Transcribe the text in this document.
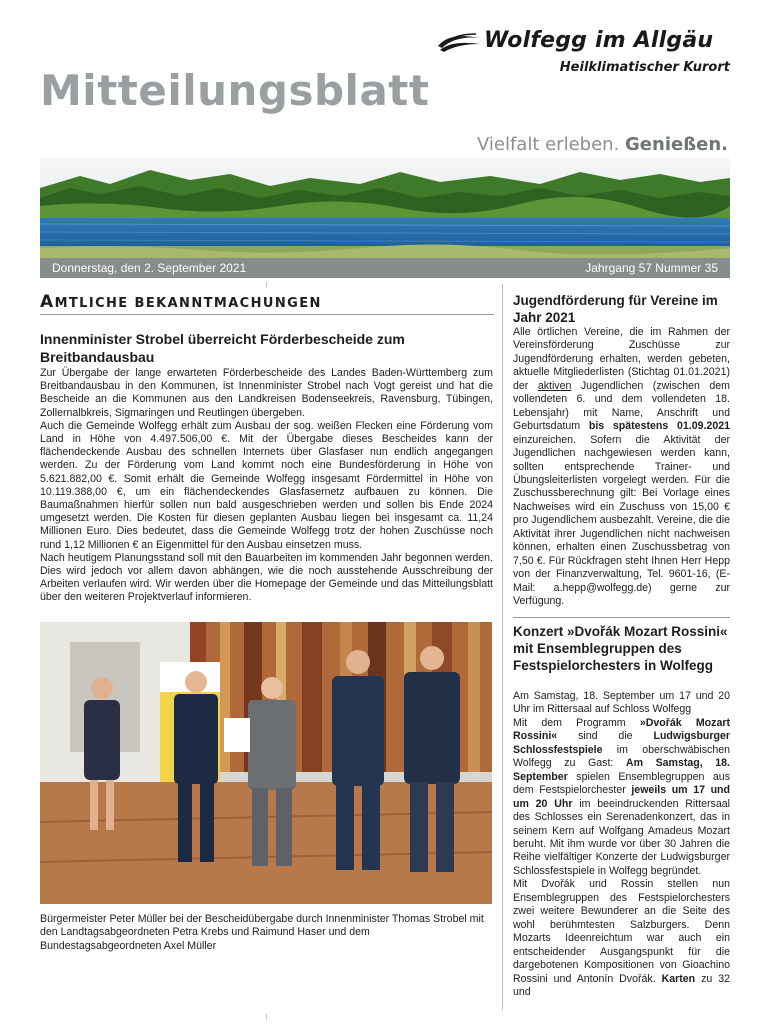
Wolfegg im Allgäu
Heilklimatischer Kurort
Mitteilungsblatt
Vielfalt erleben. Genießen.
Donnerstag, den 2. September 2021	Jahrgang 57 Nummer 35
AMTLICHE BEKANNTMACHUNGEN
Innenminister Strobel überreicht Förderbescheide zum Breitbandausbau

Zur Übergabe der lange erwarteten Förderbescheide des Landes Baden-Württemberg zum Breitbandausbau in den Kommunen, ist Innenminister Strobel nach Vogt gereist und hat die Bescheide an die Kommunen aus den Landkreisen Bodenseekreis, Ravensburg, Tübingen, Zollernalbkreis, Sigmaringen und Reutlingen übergeben.

Auch die Gemeinde Wolfegg erhält zum Ausbau der sog. weißen Flecken eine Förderung vom Land in Höhe von 4.497.506,00 €. Mit der Übergabe dieses Bescheides kann der flächendeckende Ausbau des schnellen Internets über Glasfaser nun endlich angegangen werden. Zu der Förderung vom Land kommt noch eine Bundesförderung in Höhe von 5.621.882,00 €. Somit erhält die Gemeinde Wolfegg insgesamt Fördermittel in Höhe von 10.119.388,00 €, um ein flächendeckendes Glasfasernetz aufbauen zu können. Die Baumaßnahmen hierfür sollen nun bald ausgeschrieben werden und sollen bis Ende 2024 umgesetzt werden. Die Kosten für diesen geplanten Ausbau liegen bei insgesamt ca. 11,24 Millionen Euro. Dies bedeutet, dass die Gemeinde Wolfegg trotz der hohen Zuschüsse noch rund 1,12 Millionen € an Eigenmittel für den Ausbau einsetzen muss.

Nach heutigem Planungsstand soll mit den Bauarbeiten im kommenden Jahr begonnen werden. Dies wird jedoch vor allem davon abhängen, wie die noch ausstehende Ausschreibung der Arbeiten verlaufen wird. Wir werden über die Homepage der Gemeinde und das Mitteilungsblatt über den weiteren Projektverlauf informieren.

Bürgermeister Peter Müller bei der Bescheidübergabe durch Innenminister Thomas Strobel mit den Landtagsabgeordneten Petra Krebs und Raimund Haser und dem Bundestagsabgeordneten Axel Müller
Jugendförderung für Vereine im Jahr 2021
Alle örtlichen Vereine, die im Rahmen der Vereinsförderung Zuschüsse zur Jugendförderung erhalten, werden gebeten, aktuelle Mitgliederlisten (Stichtag 01.01.2021) der aktiven Jugendlichen (zwischen dem vollendeten 6. und dem vollendeten 18. Lebensjahr) mit Name, Anschrift und Geburtsdatum bis spätestens 01.09.2021 einzureichen. Sofern die Aktivität der Jugendlichen nachgewiesen werden kann, sollten entsprechende Trainer- und Übungsleiterlisten vorgelegt werden. Für die Zuschussberechnung gilt: Bei Vorlage eines Nachweises wird ein Zuschuss von 15,00 € pro Jugendlichem ausbezahlt. Vereine, die die Aktivität ihrer Jugendlichen nicht nachweisen können, erhalten einen Zuschussbetrag von 7,50 €. Für Rückfragen steht Ihnen Herr Hepp von der Finanzverwaltung, Tel. 9601-16, (E-Mail: a.hepp@wolfegg.de) gerne zur Verfügung.
Konzert »Dvořák Mozart Rossini« mit Ensemblegruppen des Festspielorchesters in Wolfegg

Am Samstag, 18. September um 17 und 20 Uhr im Rittersaal auf Schloss Wolfegg

Mit dem Programm »Dvořák Mozart Rossini« sind die Ludwigsburger Schlossfestspiele im oberschwäbischen Wolfegg zu Gast: Am Samstag, 18. September spielen Ensemblegruppen aus dem Festspielorchester jeweils um 17 und um 20 Uhr im beeindruckenden Rittersaal des Schlosses ein Serenadenkonzert, das in seinem Kern auf Wolfgang Amadeus Mozart beruht. Mit ihm wurde vor über 30 Jahren die Reihe vielfältiger Konzerte der Ludwigsburger Schlossfestspiele in Wolfegg begründet.

Mit Dvořák und Rossin stellen nun Ensemblegruppen des Festspielorchesters zwei weitere Bewunderer an die Seite des wohl berühmtesten Salzburgers. Denn Mozarts Ideenreichtum war auch ein entscheidender Ausgangspunkt für die dargebotenen Kompositionen von Gioachino Rossini und Antonín Dvořák. Karten zu 32 und
